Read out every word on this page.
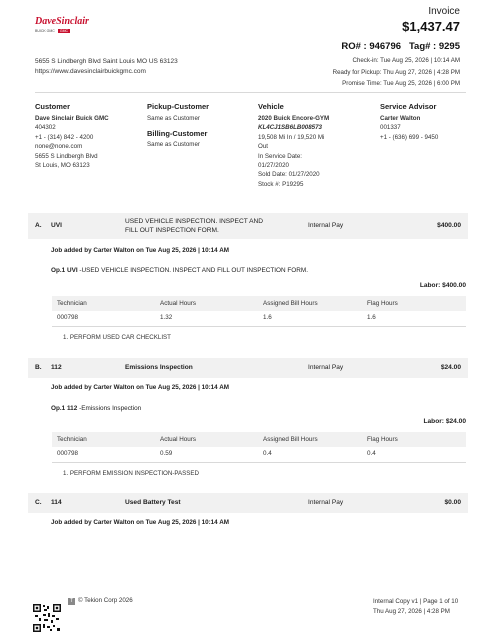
DaveSinclair
BUICK GMC GMC
5655 S Lindbergh Blvd Saint Louis MO US 63123
https://www.davesinclairbuickgmc.com
Invoice
$1,437.47
RO# : 946796   Tag# : 9295
Check-in: Tue Aug 25, 2026 | 10:14 AM
Ready for Pickup: Thu Aug 27, 2026 | 4:28 PM
Promise Time: Tue Aug 25, 2026 | 6:00 PM
Customer
Dave Sinclair Buick GMC
404302
+1 - (314) 842 - 4200
none@none.com
5655 S Lindbergh Blvd
St Louis, MO 63123
Pickup-Customer
Same as Customer
Billing-Customer
Same as Customer
Vehicle
2020 Buick Encore-GYM
KL4CJ1SB6LB008573
19,508 Mi In / 19,520 Mi
Out
In Service Date:
01/27/2020
Sold Date: 01/27/2020
Stock #: P19295
Service Advisor
Carter Walton
001337
+1 - (636) 699 - 9450
A. UVI
USED VEHICLE INSPECTION. INSPECT AND
FILL OUT INSPECTION FORM.
Internal Pay	$400.00
Job added by Carter Walton on Tue Aug 25, 2026 | 10:14 AM
Op.1 UVI -USED VEHICLE INSPECTION. INSPECT AND FILL OUT INSPECTION FORM.
Labor: $400.00
Technician	Actual Hours	Assigned Bill Hours	Flag Hours
000798	1.32	1.6	1.6
1. PERFORM USED CAR CHECKLIST
B. 112	Emissions Inspection	Internal Pay	$24.00
Job added by Carter Walton on Tue Aug 25, 2026 | 10:14 AM
Op.1 112 -Emissions Inspection
Labor: $24.00
Technician	Actual Hours	Assigned Bill Hours	Flag Hours
000798	0.59	0.4	0.4
1. PERFORM EMISSION INSPECTION-PASSED
C. 114	Used Battery Test	Internal Pay	$0.00
Job added by Carter Walton on Tue Aug 25, 2026 | 10:14 AM
T © Tekion Corp 2026	Internal Copy v1 | Page 1 of 10
Thu Aug 27, 2026 | 4:28 PM
